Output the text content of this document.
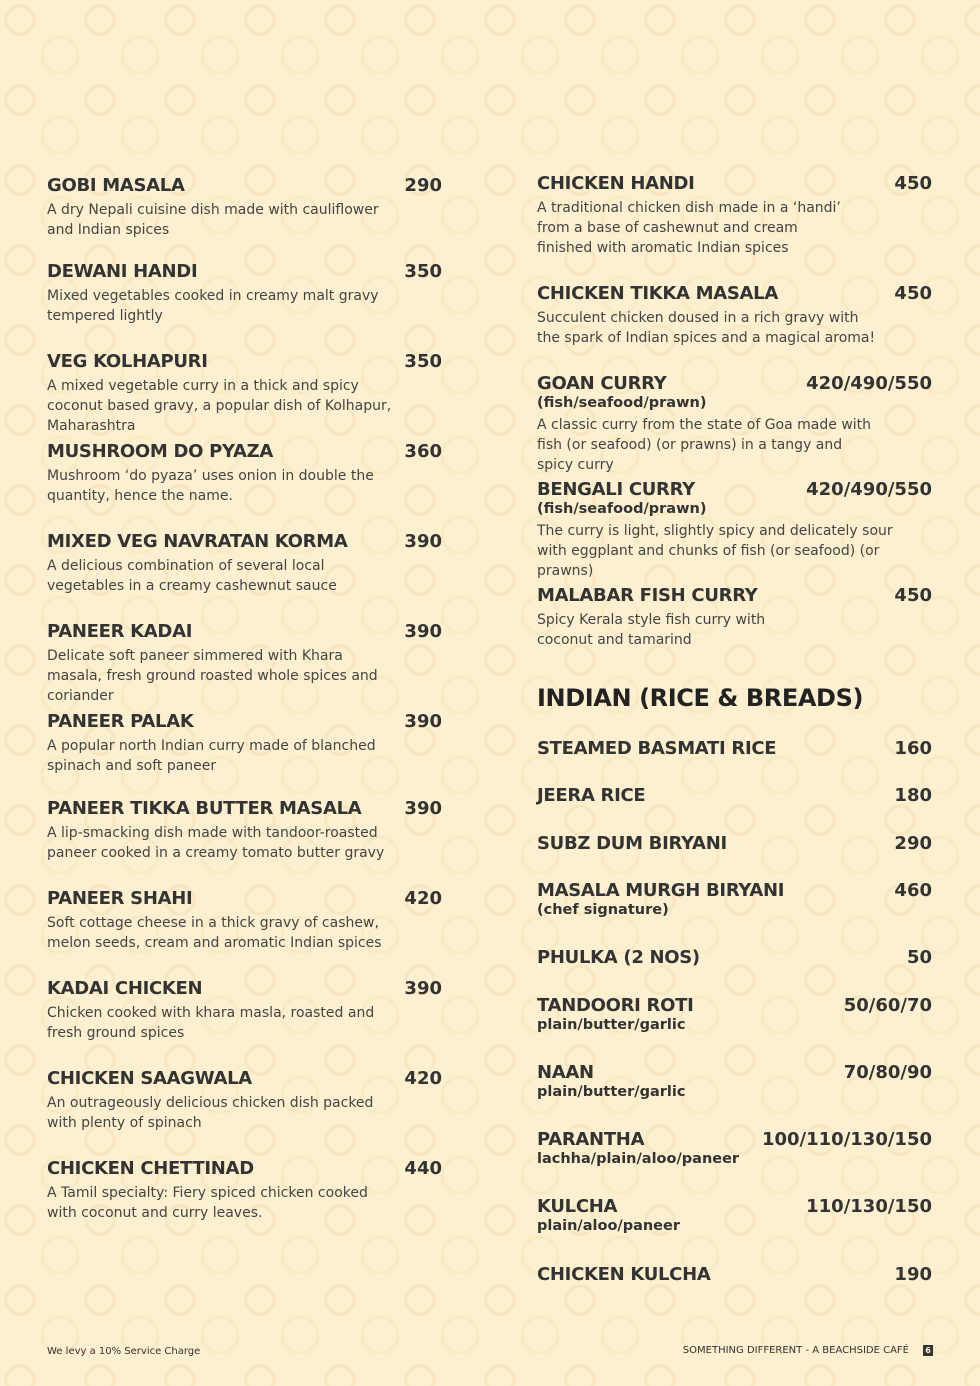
GOBI MASALA	290
A dry Nepali cuisine dish made with cauliflower and Indian spices
DEWANI HANDI	350
Mixed vegetables cooked in creamy malt gravy tempered lightly
VEG KOLHAPURI	350
A mixed vegetable curry in a thick and spicy coconut based gravy, a popular dish of Kolhapur, Maharashtra
MUSHROOM DO PYAZA	360
Mushroom ‘do pyaza’ uses onion in double the quantity, hence the name.
MIXED VEG NAVRATAN KORMA	390
A delicious combination of several local vegetables in a creamy cashewnut sauce
PANEER KADAI	390
Delicate soft paneer simmered with Khara masala, fresh ground roasted whole spices and coriander
PANEER PALAK	390
A popular north Indian curry made of blanched spinach and soft paneer
PANEER TIKKA BUTTER MASALA 390
A lip-smacking dish made with tandoor-roasted paneer cooked in a creamy tomato butter gravy
PANEER SHAHI	420
Soft cottage cheese in a thick gravy of cashew, melon seeds, cream and aromatic Indian spices
KADAI CHICKEN	390
Chicken cooked with khara masla, roasted and fresh ground spices
CHICKEN SAAGWALA	420
An outrageously delicious chicken dish packed with plenty of spinach
CHICKEN CHETTINAD	440
A Tamil specialty: Fiery spiced chicken cooked with coconut and curry leaves.
CHICKEN HANDI	450
A traditional chicken dish made in a ‘handi’ from a base of cashewnut and cream finished with aromatic Indian spices
CHICKEN TIKKA MASALA	450
Succulent chicken doused in a rich gravy with the spark of Indian spices and a magical aroma!
GOAN CURRY	420/490/550
(fish/seafood/prawn)
A classic curry from the state of Goa made with fish (or seafood) (or prawns) in a tangy and spicy curry
BENGALI CURRY	420/490/550
(fish/seafood/prawn)
The curry is light, slightly spicy and delicately sour with eggplant and chunks of fish (or seafood) (or prawns)
MALABAR FISH CURRY	450
Spicy Kerala style fish curry with coconut and tamarind
INDIAN (RICE & BREADS)
STEAMED BASMATI RICE	160
JEERA RICE	180
SUBZ DUM BIRYANI	290
MASALA MURGH BIRYANI	460
(chef signature)
PHULKA (2 NOS)	50
TANDOORI ROTI	50/60/70
plain/butter/garlic
NAAN	70/80/90
plain/butter/garlic
PARANTHA	100/110/130/150
lachha/plain/aloo/paneer
KULCHA	110/130/150
plain/aloo/paneer
CHICKEN KULCHA	190
We levy a 10% Service Charge	SOMETHING DIFFERENT - A BEACHSIDE CAFÉ 6
